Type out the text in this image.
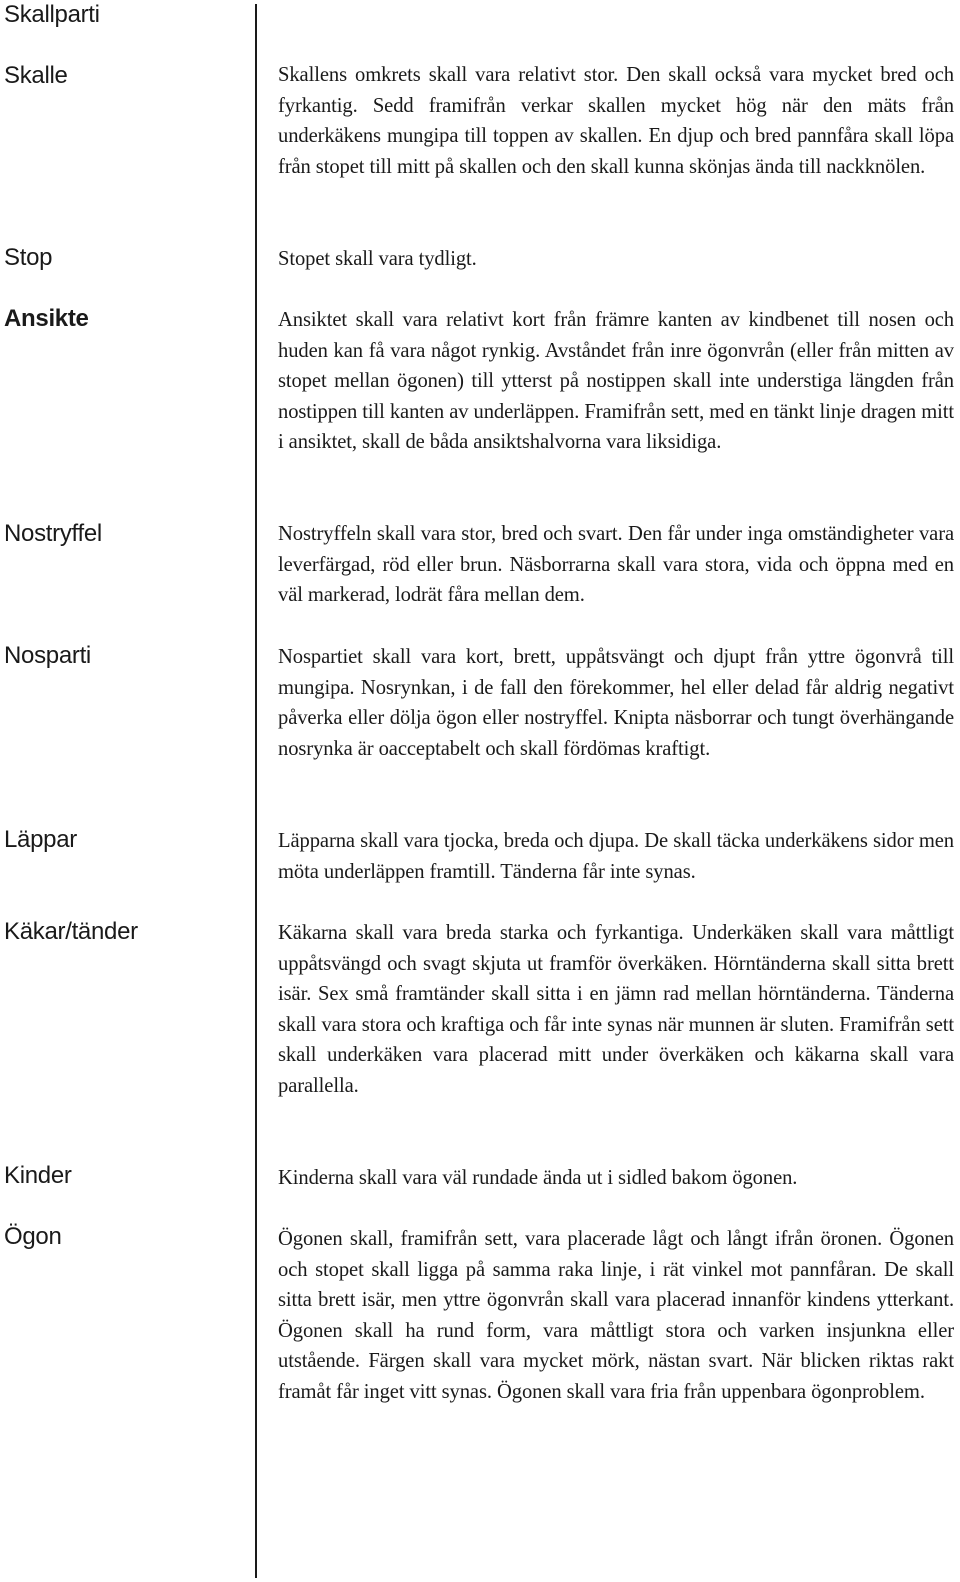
Skallparti
Skalle	Skallens omkrets skall vara relativt stor. Den skall också vara mycket bred och fyrkantig. Sedd framifrån verkar skallen mycket hög när den mäts från underkäkens mungipa till toppen av skallen. En djup och bred pannfåra skall löpa från stopet till mitt på skallen och den skall kunna skönjas ända till nackknölen.
Stop	Stopet skall vara tydligt.
Ansikte	Ansiktet skall vara relativt kort från främre kanten av kindbenet till nosen och huden kan få vara något rynkig. Avståndet från inre ögonvrån (eller från mitten av stopet mellan ögonen) till ytterst på nostippen skall inte understiga längden från nostippen till kanten av underläppen. Framifrån sett, med en tänkt linje dragen mitt i ansiktet, skall de båda ansiktshalvorna vara liksidiga.
Nostryffel	Nostryffeln skall vara stor, bred och svart. Den får under inga omständigheter vara leverfärgad, röd eller brun. Näsborrarna skall vara stora, vida och öppna med en väl markerad, lodrät fåra mellan dem.
Nosparti	Nospartiet skall vara kort, brett, uppåtsvängt och djupt från yttre ögonvrå till mungipa. Nosrynkan, i de fall den förekommer, hel eller delad får aldrig negativt påverka eller dölja ögon eller nostryffel. Knipta näsborrar och tungt överhängande nosrynka är oacceptabelt och skall fördömas kraftigt.
Läppar	Läpparna skall vara tjocka, breda och djupa. De skall täcka underkäkens sidor men möta underläppen framtill. Tänderna får inte synas.
Käkar/tänder	Käkarna skall vara breda starka och fyrkantiga. Underkäken skall vara måttligt uppåtsvängd och svagt skjuta ut framför överkäken. Hörntänderna skall sitta brett isär. Sex små framtänder skall sitta i en jämn rad mellan hörntänderna. Tänderna skall vara stora och kraftiga och får inte synas när munnen är sluten. Framifrån sett skall underkäken vara placerad mitt under överkäken och käkarna skall vara parallella.
Kinder	Kinderna skall vara väl rundade ända ut i sidled bakom ögonen.
Ögon	Ögonen skall, framifrån sett, vara placerade lågt och långt ifrån öronen. Ögonen och stopet skall ligga på samma raka linje, i rät vinkel mot pannfåran. De skall sitta brett isär, men yttre ögonvrån skall vara placerad innanför kindens ytterkant. Ögonen skall ha rund form, vara måttligt stora och varken insjunkna eller utstående. Färgen skall vara mycket mörk, nästan svart. När blicken riktas rakt framåt får inget vitt synas. Ögonen skall vara fria från uppenbara ögonproblem.
